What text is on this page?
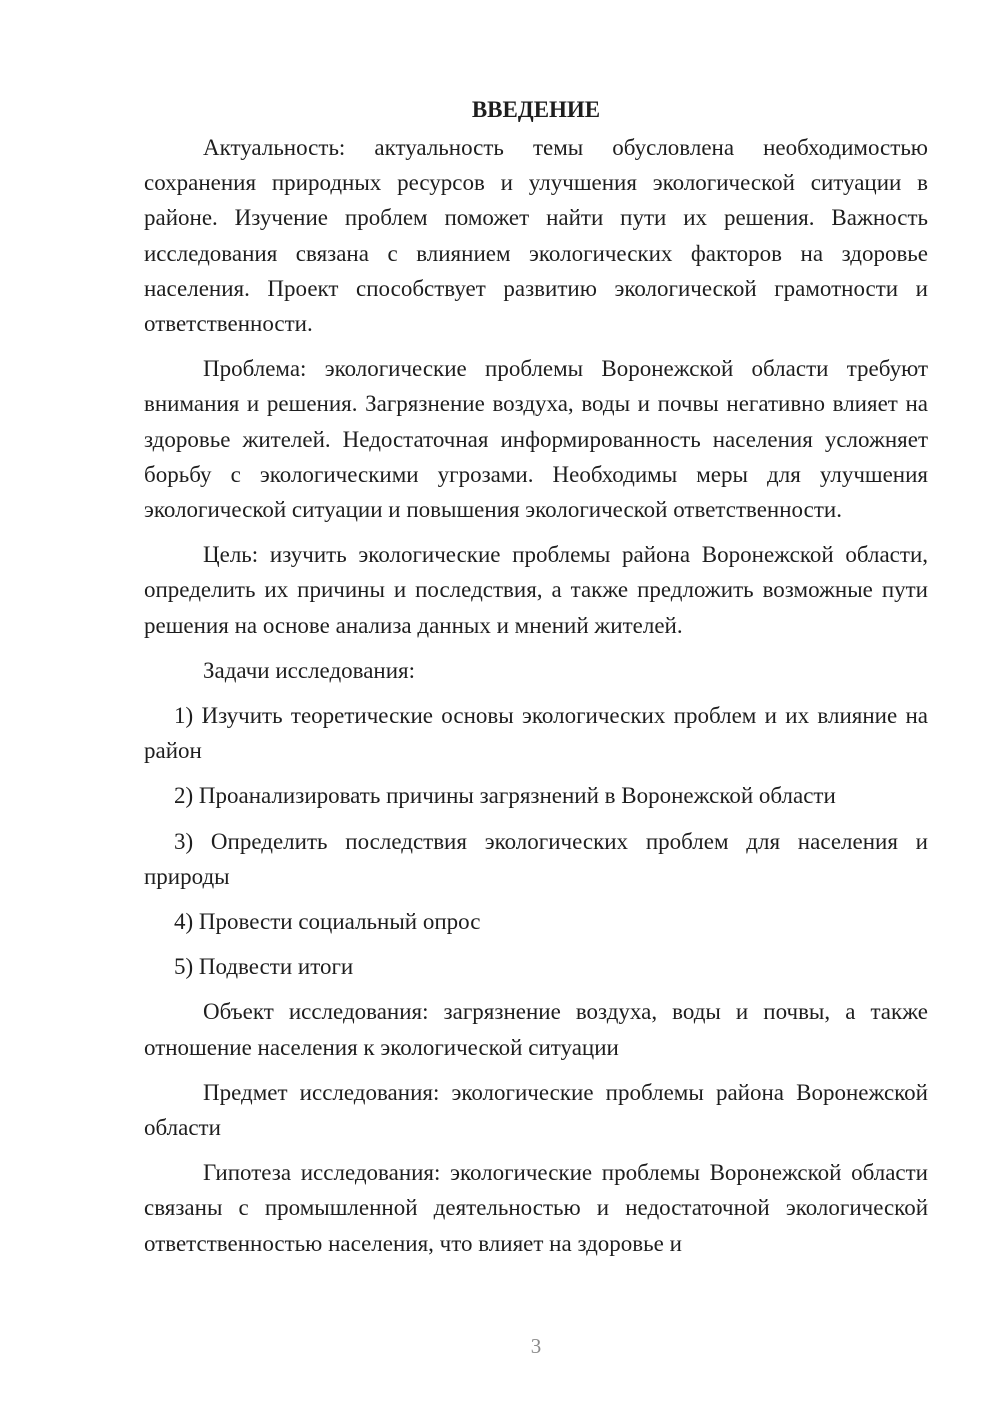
ВВЕДЕНИЕ

Актуальность: актуальность темы обусловлена необходимостью сохранения природных ресурсов и улучшения экологической ситуации в районе. Изучение проблем поможет найти пути их решения. Важность исследования связана с влиянием экологических факторов на здоровье населения. Проект способствует развитию экологической грамотности и ответственности.

Проблема: экологические проблемы Воронежской области требуют внимания и решения. Загрязнение воздуха, воды и почвы негативно влияет на здоровье жителей. Недостаточная информированность населения усложняет борьбу с экологическими угрозами. Необходимы меры для улучшения экологической ситуации и повышения экологической ответственности.

Цель: изучить экологические проблемы района Воронежской области, определить их причины и последствия, а также предложить возможные пути решения на основе анализа данных и мнений жителей.

Задачи исследования:

1) Изучить теоретические основы экологических проблем и их влияние на район

2) Проанализировать причины загрязнений в Воронежской области

3) Определить последствия экологических проблем для населения и природы

4) Провести социальный опрос

5) Подвести итоги

Объект исследования: загрязнение воздуха, воды и почвы, а также отношение населения к экологической ситуации

Предмет исследования: экологические проблемы района Воронежской области

Гипотеза исследования: экологические проблемы Воронежской области связаны с промышленной деятельностью и недостаточной экологической ответственностью населения, что влияет на здоровье и

3
